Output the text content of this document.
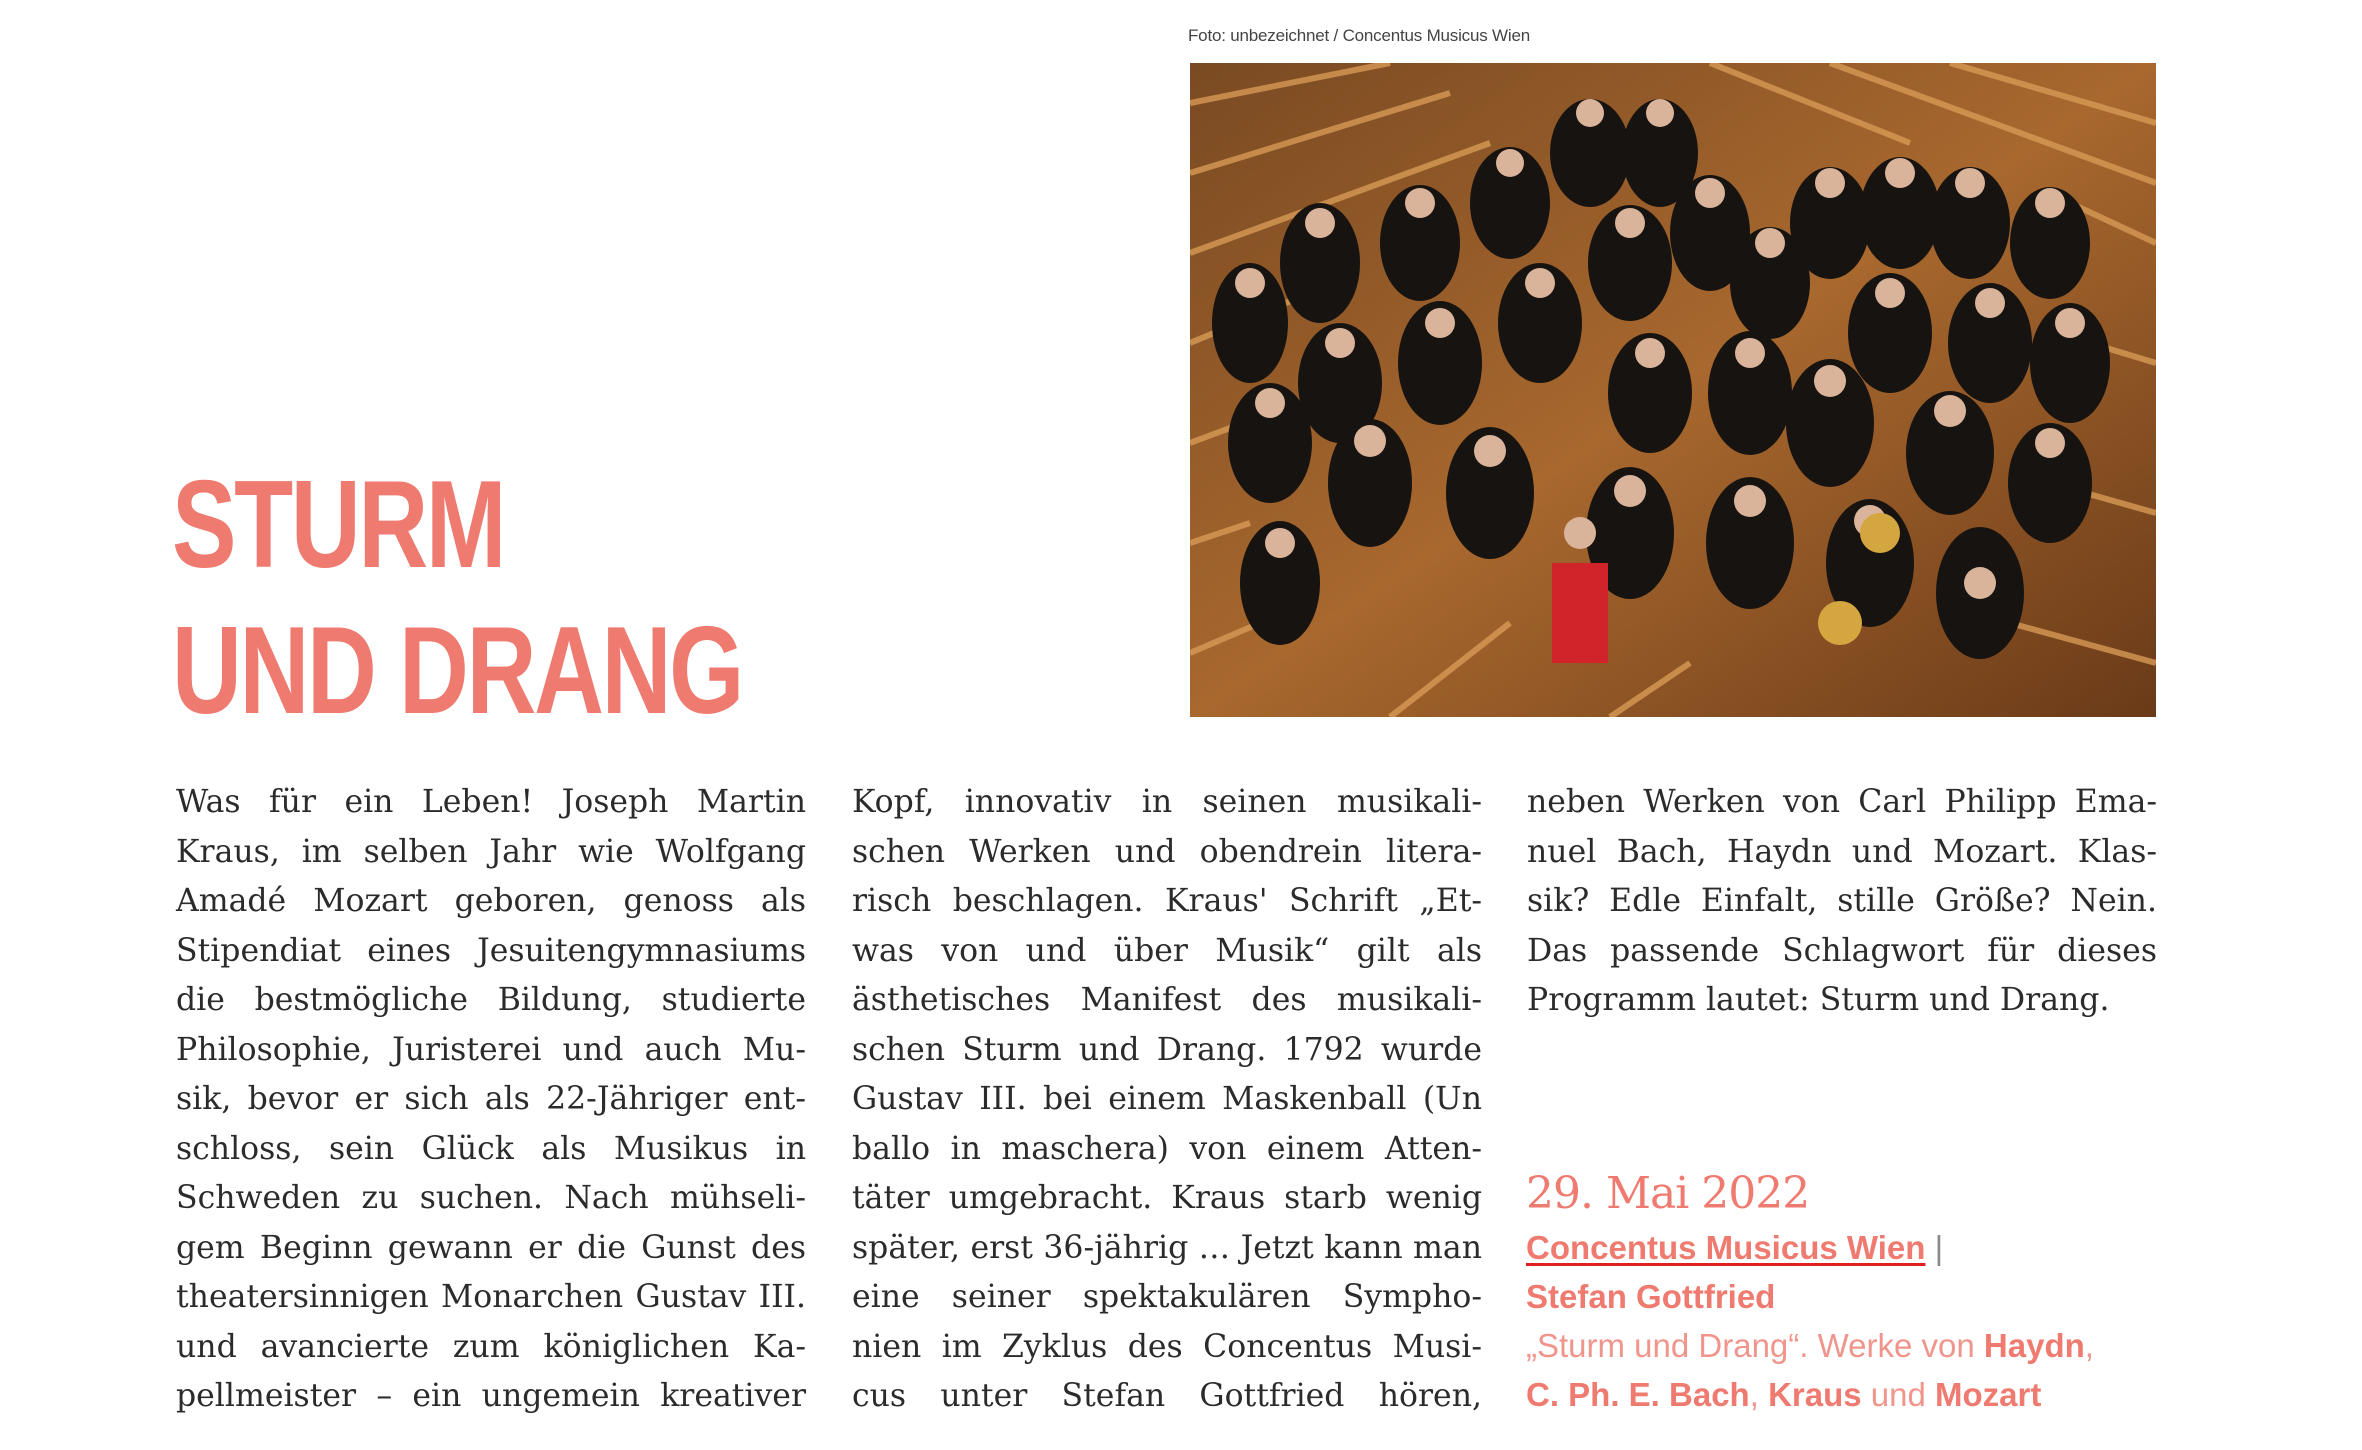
Foto: unbezeichnet / Concentus Musicus Wien
STURM
UND DRANG
Was für ein Leben! Joseph Martin
Kraus, im selben Jahr wie Wolfgang
Amadé Mozart geboren, genoss als
Stipendiat eines Jesuitengymnasiums
die bestmögliche Bildung, studierte
Philosophie, Juristerei und auch Mu-
sik, bevor er sich als 22-Jähriger ent-
schloss, sein Glück als Musikus in
Schweden zu suchen. Nach mühseli-
gem Beginn gewann er die Gunst des
theatersinnigen Monarchen Gustav III.
und avancierte zum königlichen Ka-
pellmeister – ein ungemein kreativer
Kopf, innovativ in seinen musikali-
schen Werken und obendrein litera-
risch beschlagen. Kraus' Schrift „Et-
was von und über Musik“ gilt als
ästhetisches Manifest des musikali-
schen Sturm und Drang. 1792 wurde
Gustav III. bei einem Maskenball (Un
ballo in maschera) von einem Atten-
täter umgebracht. Kraus starb wenig
später, erst 36-jährig … Jetzt kann man
eine seiner spektakulären Sympho-
nien im Zyklus des Concentus Musi-
cus unter Stefan Gottfried hören,
neben Werken von Carl Philipp Ema-
nuel Bach, Haydn und Mozart. Klas-
sik? Edle Einfalt, stille Größe? Nein.
Das passende Schlagwort für dieses
Programm lautet: Sturm und Drang.
29. Mai 2022
Concentus Musicus Wien |
Stefan Gottfried
„Sturm und Drang“. Werke von Haydn,
C. Ph. E. Bach, Kraus und Mozart
